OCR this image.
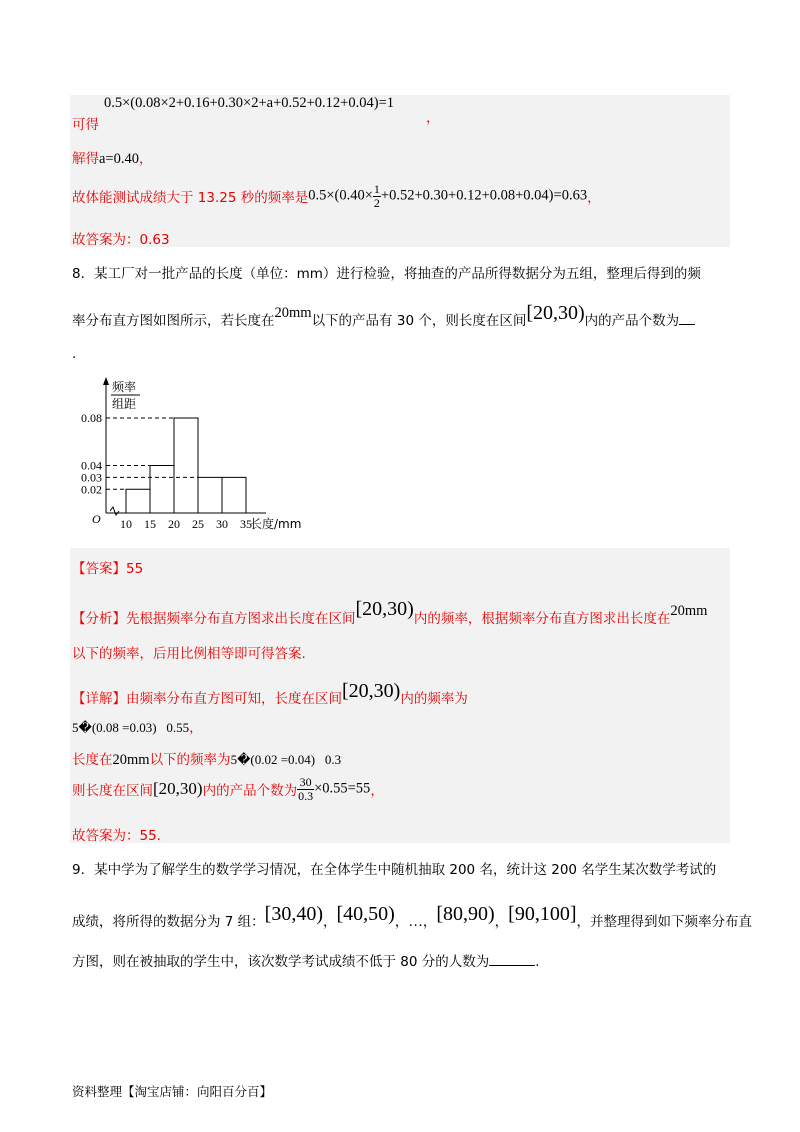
0.5×(0.08×2+0.16+0.30×2+a+0.52+0.12+0.04)=1
可得	，
解得a=0.40，
故体能测试成绩大于 13.25 秒的频率是$0.5\times(0.40\times \frac{1}{2} +0.52+0.30+0.12+0.08+0.04)=0.63$，
故答案为：0.63
8．某工厂对一批产品的长度（单位：mm）进行检验，将抽查的产品所得数据分为五组，整理后得到的频
率分布直方图如图所示，若长度在20mm以下的产品有 30 个，则长度在区间[20,30)内的产品个数为
.
0.08
0.04
0.03
0.02
10 15 20 25 30 35
O
频率
组距
长度/mm
【答案】55
【分析】先根据频率分布直方图求出长度在区间[20,30)内的频率，根据频率分布直方图求出长度在20mm
以下的频率，后用比例相等即可得答案.
【详解】由频率分布直方图可知，长度在区间[20,30)内的频率为
5�(0.08 =0.03)   0.55，
长度在20mm以下的频率为5�(0.02 =0.04)   0.3
则长度在区间[20,30)内的产品个数为 $\frac{30}{0.3} \times 0.55=55$，
故答案为：55.
9．某中学为了解学生的数学学习情况，在全体学生中随机抽取 200 名，统计这 200 名学生某次数学考试的
成绩，将所得的数据分为 7 组：[30,40)，[40,50)，…，[80,90)，[90,100]，并整理得到如下频率分布直
方图，则在被抽取的学生中，该次数学考试成绩不低于 80 分的人数为	.
资料整理【淘宝店铺：向阳百分百】
